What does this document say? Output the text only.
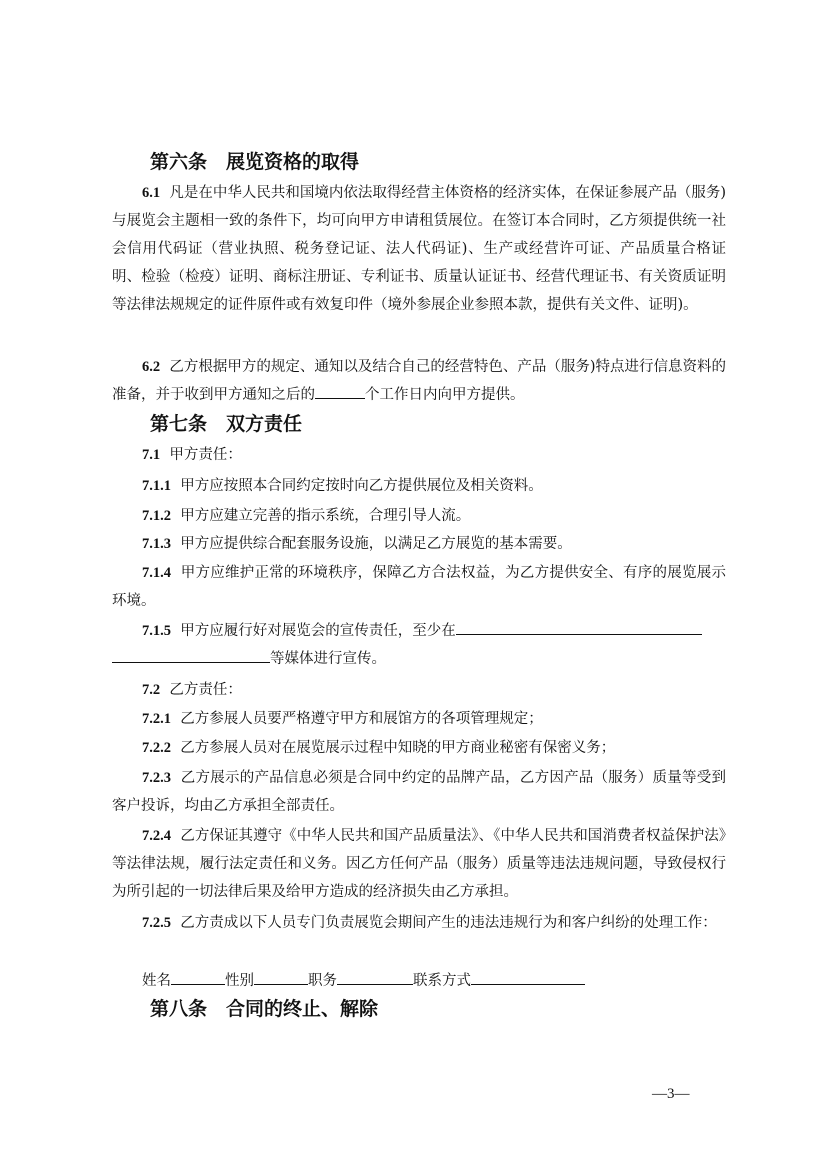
第六条　展览资格的取得
6.1 凡是在中华人民共和国境内依法取得经营主体资格的经济实体，在保证参展产品（服务)与展览会主题相一致的条件下，均可向甲方申请租赁展位。在签订本合同时，乙方须提供统一社会信用代码证（营业执照、税务登记证、法人代码证)、生产或经营许可证、产品质量合格证明、检验（检疫）证明、商标注册证、专利证书、质量认证证书、经营代理证书、有关资质证明等法律法规规定的证件原件或有效复印件（境外参展企业参照本款，提供有关文件、证明)。
6.2 乙方根据甲方的规定、通知以及结合自己的经营特色、产品（服务)特点进行信息资料的准备，并于收到甲方通知之后的	个工作日内向甲方提供。
第七条　双方责任
7.1 甲方责任：
7.1.1 甲方应按照本合同约定按时向乙方提供展位及相关资料。
7.1.2 甲方应建立完善的指示系统，合理引导人流。
7.1.3 甲方应提供综合配套服务设施，以满足乙方展览的基本需要。
7.1.4 甲方应维护正常的环境秩序，保障乙方合法权益，为乙方提供安全、有序的展览展示环境。
7.1.5 甲方应履行好对展览会的宣传责任，至少在
等媒体进行宣传。
7.2 乙方责任：
7.2.1 乙方参展人员要严格遵守甲方和展馆方的各项管理规定；
7.2.2 乙方参展人员对在展览展示过程中知晓的甲方商业秘密有保密义务；
7.2.3 乙方展示的产品信息必须是合同中约定的品牌产品，乙方因产品（服务）质量等受到客户投诉，均由乙方承担全部责任。
7.2.4 乙方保证其遵守《中华人民共和国产品质量法》、《中华人民共和国消费者权益保护法》等法律法规，履行法定责任和义务。因乙方任何产品（服务）质量等违法违规问题，导致侵权行为所引起的一切法律后果及给甲方造成的经济损失由乙方承担。
7.2.5 乙方责成以下人员专门负责展览会期间产生的违法违规行为和客户纠纷的处理工作：
姓名	性别	职务	联系方式
第八条　合同的终止、解除
—3—
